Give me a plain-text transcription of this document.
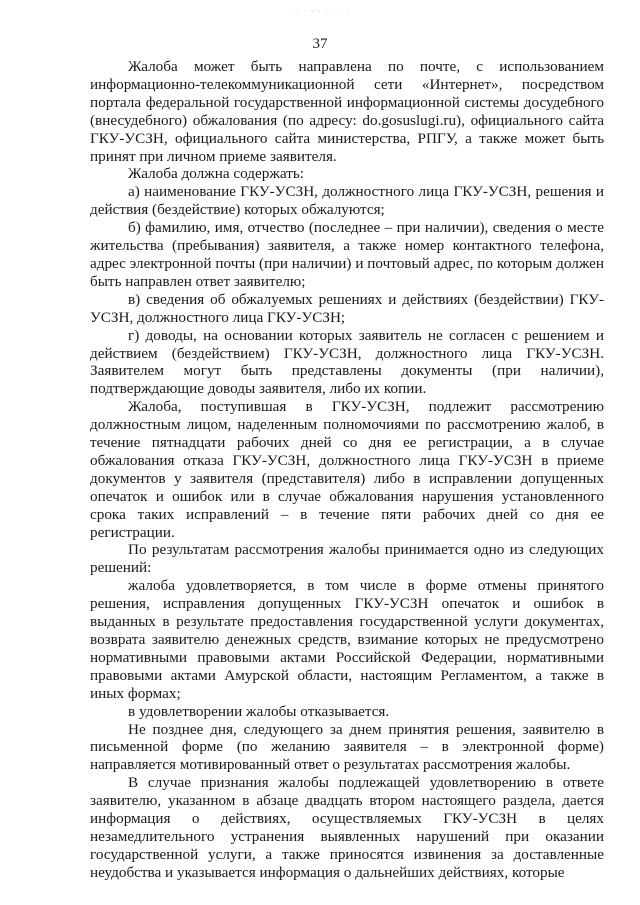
· · · · · · · · ·
37

Жалоба может быть направлена по почте, с использованием информационно-телекоммуникационной сети «Интернет», посредством портала федеральной государственной информационной системы досудебного (внесудебного) обжалования (по адресу: do.gosuslugi.ru), официального сайта ГКУ-УСЗН, официального сайта министерства, РПГУ, а также может быть принят при личном приеме заявителя.

Жалоба должна содержать:

а) наименование ГКУ-УСЗН, должностного лица ГКУ-УСЗН, решения и действия (бездействие) которых обжалуются;

б) фамилию, имя, отчество (последнее – при наличии), сведения о месте жительства (пребывания) заявителя, а также номер контактного телефона, адрес электронной почты (при наличии) и почтовый адрес, по которым должен быть направлен ответ заявителю;

в) сведения об обжалуемых решениях и действиях (бездействии) ГКУ-УСЗН, должностного лица ГКУ-УСЗН;

г) доводы, на основании которых заявитель не согласен с решением и действием (бездействием) ГКУ-УСЗН, должностного лица ГКУ-УСЗН. Заявителем могут быть представлены документы (при наличии), подтверждающие доводы заявителя, либо их копии.

Жалоба, поступившая в ГКУ-УСЗН, подлежит рассмотрению должностным лицом, наделенным полномочиями по рассмотрению жалоб, в течение пятнадцати рабочих дней со дня ее регистрации, а в случае обжалования отказа ГКУ-УСЗН, должностного лица ГКУ-УСЗН в приеме документов у заявителя (представителя) либо в исправлении допущенных опечаток и ошибок или в случае обжалования нарушения установленного срока таких исправлений – в течение пяти рабочих дней со дня ее регистрации.

По результатам рассмотрения жалобы принимается одно из следующих решений:

жалоба удовлетворяется, в том числе в форме отмены принятого решения, исправления допущенных ГКУ-УСЗН опечаток и ошибок в выданных в результате предоставления государственной услуги документах, возврата заявителю денежных средств, взимание которых не предусмотрено нормативными правовыми актами Российской Федерации, нормативными правовыми актами Амурской области, настоящим Регламентом, а также в иных формах;

в удовлетворении жалобы отказывается.

Не позднее дня, следующего за днем принятия решения, заявителю в письменной форме (по желанию заявителя – в электронной форме) направляется мотивированный ответ о результатах рассмотрения жалобы.

В случае признания жалобы подлежащей удовлетворению в ответе заявителю, указанном в абзаце двадцать втором настоящего раздела, дается информация о действиях, осуществляемых ГКУ-УСЗН в целях незамедлительного устранения выявленных нарушений при оказании государственной услуги, а также приносятся извинения за доставленные неудобства и указывается информация о дальнейших действиях, которые
